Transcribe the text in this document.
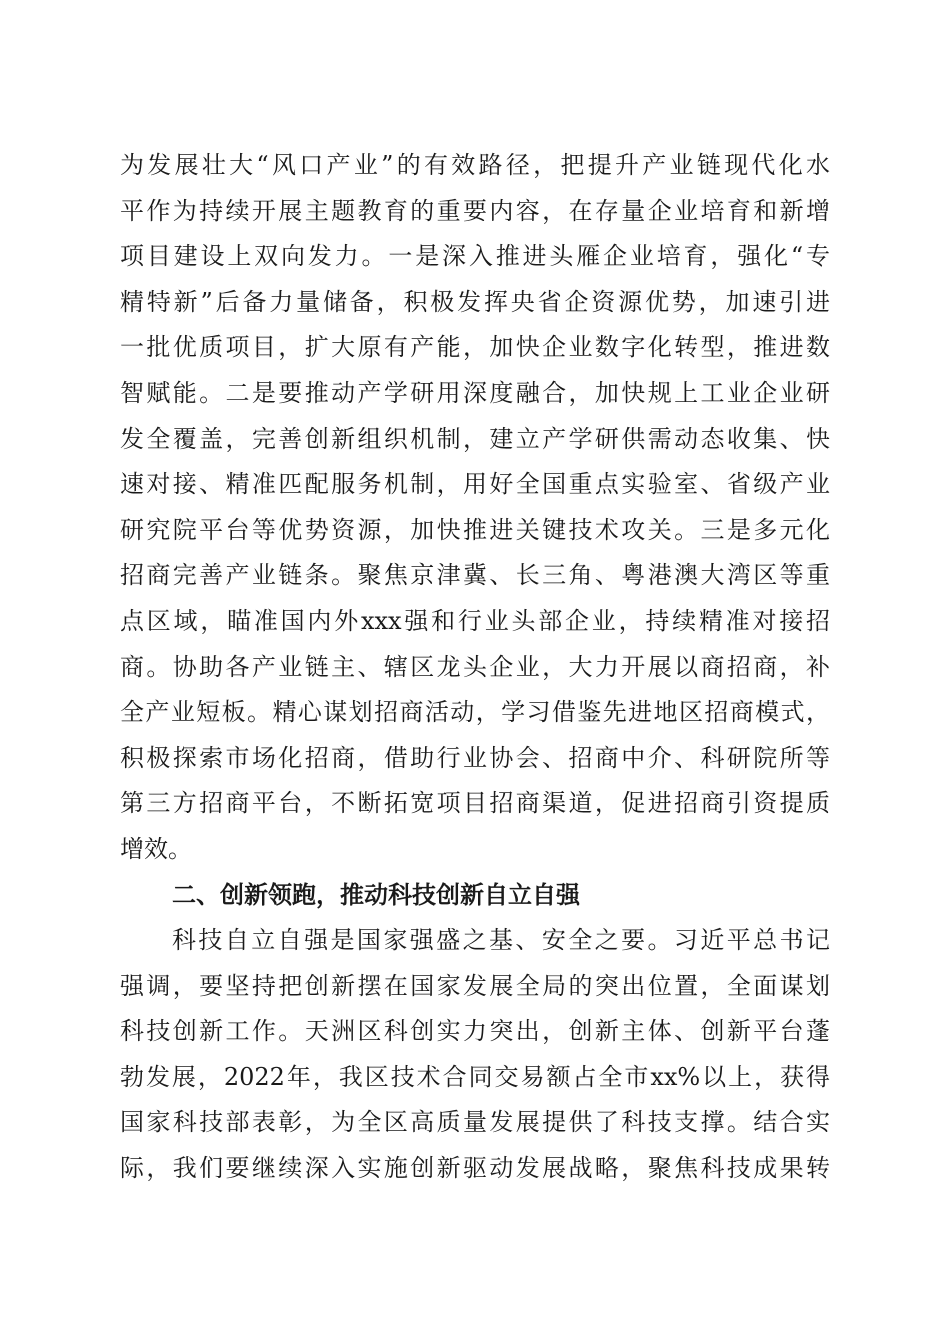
为发展壮大“风口产业”的有效路径，把提升产业链现代化水
平作为持续开展主题教育的重要内容，在存量企业培育和新增
项目建设上双向发力。一是深入推进头雁企业培育，强化“专
精特新”后备力量储备，积极发挥央省企资源优势，加速引进
一批优质项目，扩大原有产能，加快企业数字化转型，推进数
智赋能。二是要推动产学研用深度融合，加快规上工业企业研
发全覆盖，完善创新组织机制，建立产学研供需动态收集、快
速对接、精准匹配服务机制，用好全国重点实验室、省级产业
研究院平台等优势资源，加快推进关键技术攻关。三是多元化
招商完善产业链条。聚焦京津冀、长三角、粤港澳大湾区等重
点区域，瞄准国内外xxx强和行业头部企业，持续精准对接招
商。协助各产业链主、辖区龙头企业，大力开展以商招商，补
全产业短板。精心谋划招商活动，学习借鉴先进地区招商模式，
积极探索市场化招商，借助行业协会、招商中介、科研院所等
第三方招商平台，不断拓宽项目招商渠道，促进招商引资提质
增效。
二、创新领跑，推动科技创新自立自强
科技自立自强是国家强盛之基、安全之要。习近平总书记
强调，要坚持把创新摆在国家发展全局的突出位置，全面谋划
科技创新工作。天洲区科创实力突出，创新主体、创新平台蓬
勃发展，2022年，我区技术合同交易额占全市xx%以上，获得
国家科技部表彰，为全区高质量发展提供了科技支撑。结合实
际，我们要继续深入实施创新驱动发展战略，聚焦科技成果转
